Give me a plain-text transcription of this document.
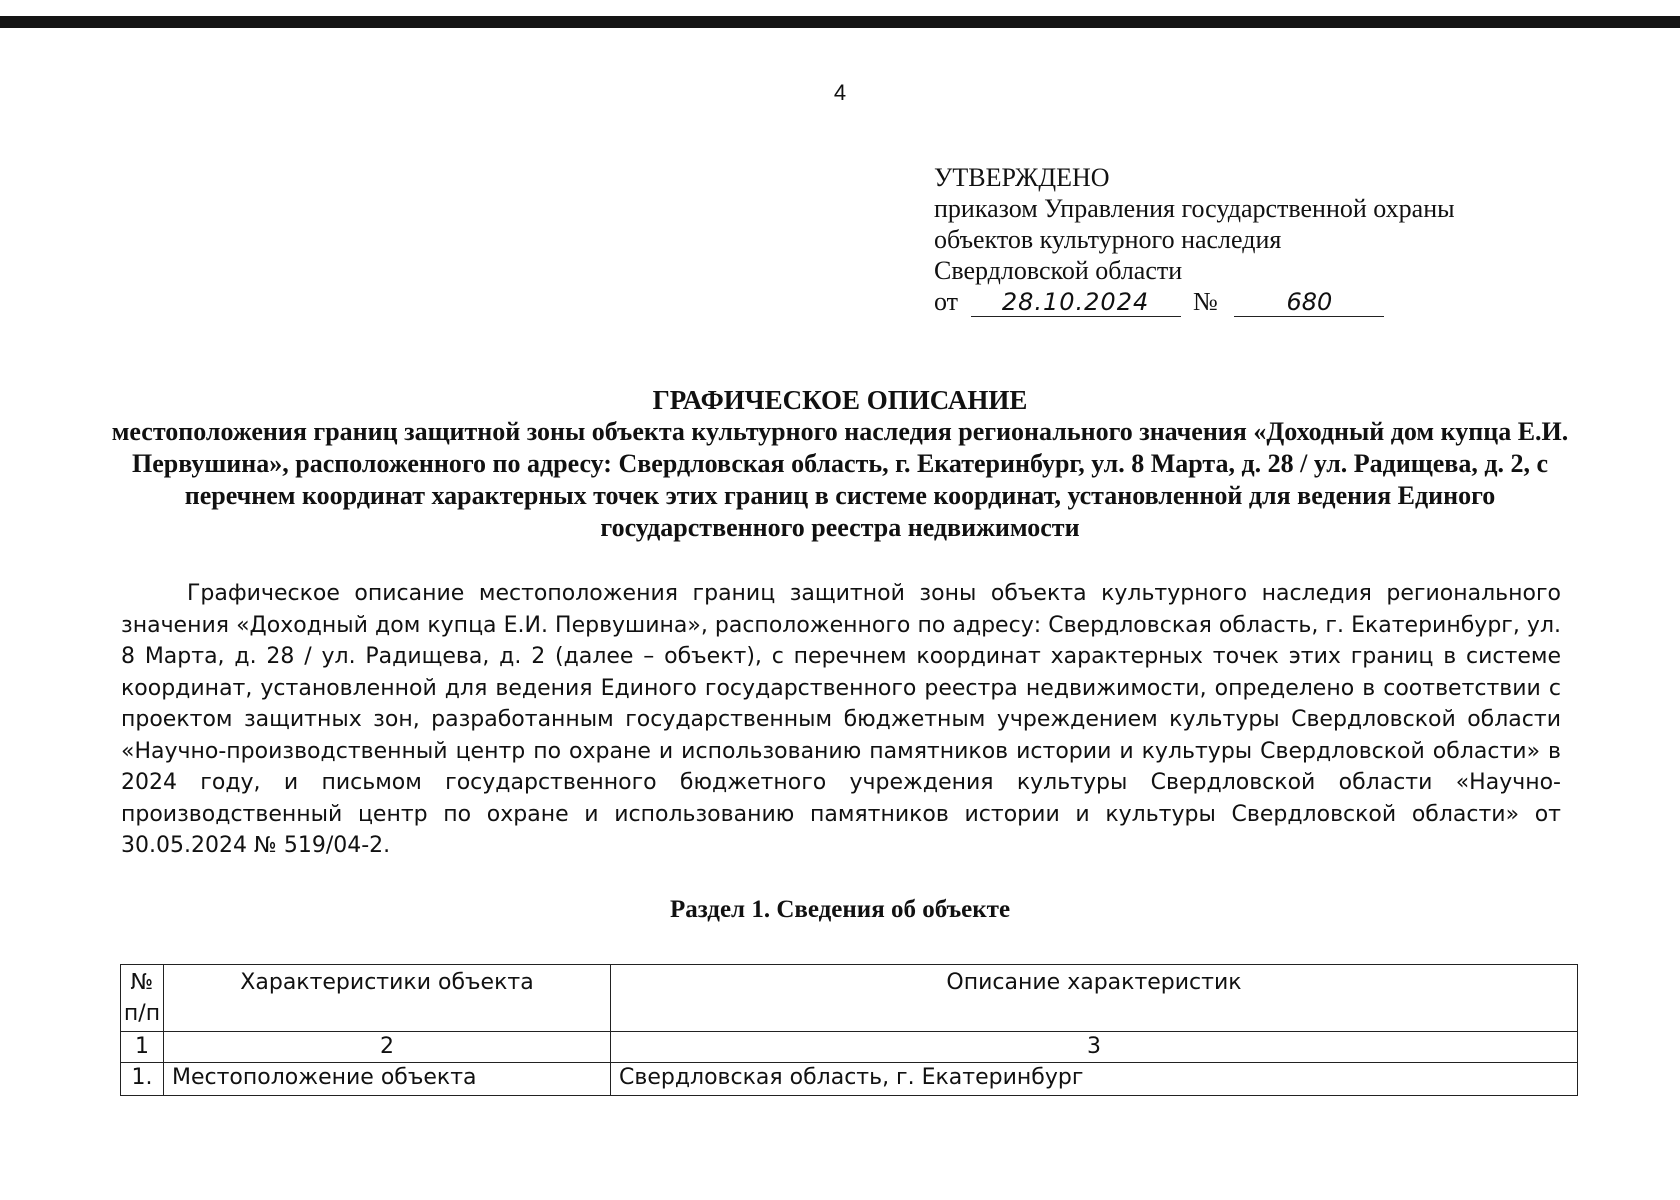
4
УТВЕРЖДЕНО
приказом Управления государственной охраны
объектов культурного наследия
Свердловской области
от 28.10.2024 №	680
ГРАФИЧЕСКОЕ ОПИСАНИЕ
местоположения границ защитной зоны объекта культурного наследия регионального значения «Доходный дом купца Е.И. Первушина», расположенного по адресу: Свердловская область, г. Екатеринбург, ул. 8 Марта, д. 28 / ул. Радищева, д. 2, с перечнем координат характерных точек этих границ в системе координат, установленной для ведения Единого государственного реестра недвижимости
Графическое описание местоположения границ защитной зоны объекта культурного наследия регионального значения «Доходный дом купца Е.И. Первушина», расположенного по адресу: Свердловская область, г. Екатеринбург, ул. 8 Марта, д. 28 / ул. Радищева, д. 2 (далее – объект), с перечнем координат характерных точек этих границ в системе координат, установленной для ведения Единого государственного реестра недвижимости, определено в соответствии с проектом защитных зон, разработанным государственным бюджетным учреждением культуры Свердловской области «Научно-производственный центр по охране и использованию памятников истории и культуры Свердловской области» в 2024 году, и письмом государственного бюджетного учреждения культуры Свердловской области «Научно-производственный центр по охране и использованию памятников истории и культуры Свердловской области» от 30.05.2024 № 519/04-2.
Раздел 1. Сведения об объекте
№ п/п	Характеристики объекта	Описание характеристик
1	2	3
1.	Местоположение объекта	Свердловская область, г. Екатеринбург
